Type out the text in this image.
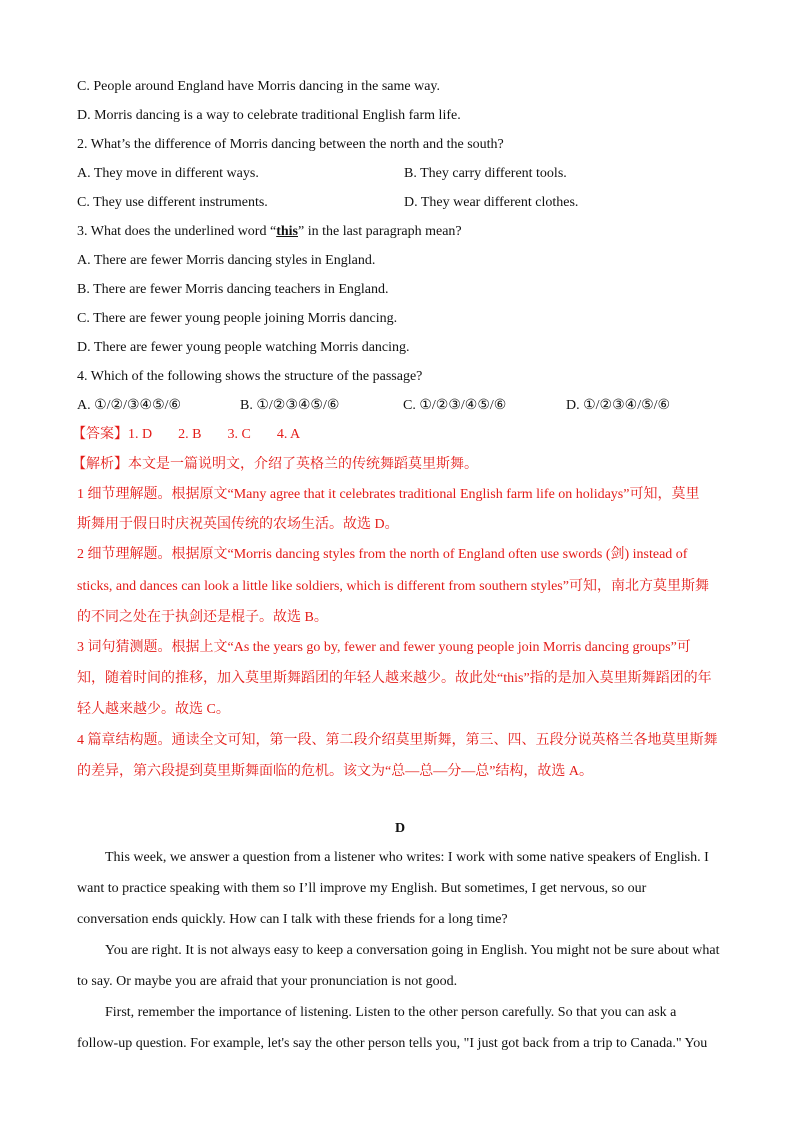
C. People around England have Morris dancing in the same way.
D. Morris dancing is a way to celebrate traditional English farm life.
2. What’s the difference of Morris dancing between the north and the south?
A. They move in different ways.	B. They carry different tools.
C. They use different instruments.	D. They wear different clothes.
3. What does the underlined word “this” in the last paragraph mean?
A. There are fewer Morris dancing styles in England.
B. There are fewer Morris dancing teachers in England.
C. There are fewer young people joining Morris dancing.
D. There are fewer young people watching Morris dancing.
4. Which of the following shows the structure of the passage?
A. ①/②/③④⑤/⑥	B. ①/②③④⑤/⑥	C. ①/②③/④⑤/⑥	D. ①/②③④/⑤/⑥
【答案】1. D 2. B 3. C 4. A
【解析】本文是一篇说明文，介绍了英格兰的传统舞蹈莫里斯舞。
1 细节理解题。根据原文“Many agree that it celebrates traditional English farm life on holidays”可知，莫里
斯舞用于假日时庆祝英国传统的农场生活。故选 D。
2 细节理解题。根据原文“Morris dancing styles from the north of England often use swords (剑) instead of
sticks, and dances can look a little like soldiers, which is different from southern styles”可知，南北方莫里斯舞
的不同之处在于执剑还是棍子。故选 B。
3 词句猜测题。根据上文“As the years go by, fewer and fewer young people join Morris dancing groups”可
知，随着时间的推移，加入莫里斯舞蹈团的年轻人越来越少。故此处“this”指的是加入莫里斯舞蹈团的年
轻人越来越少。故选 C。
4 篇章结构题。通读全文可知，第一段、第二段介绍莫里斯舞，第三、四、五段分说英格兰各地莫里斯舞
的差异，第六段提到莫里斯舞面临的危机。该文为“总—总—分—总”结构，故选 A。
D
This week, we answer a question from a listener who writes: I work with some native speakers of English. I
want to practice speaking with them so I’ll improve my English. But sometimes, I get nervous, so our
conversation ends quickly. How can I talk with these friends for a long time?
You are right. It is not always easy to keep a conversation going in English. You might not be sure about what
to say. Or maybe you are afraid that your pronunciation is not good.
First, remember the importance of listening. Listen to the other person carefully. So that you can ask a
follow-up question. For example, let's say the other person tells you, "I just got back from a trip to Canada." You
